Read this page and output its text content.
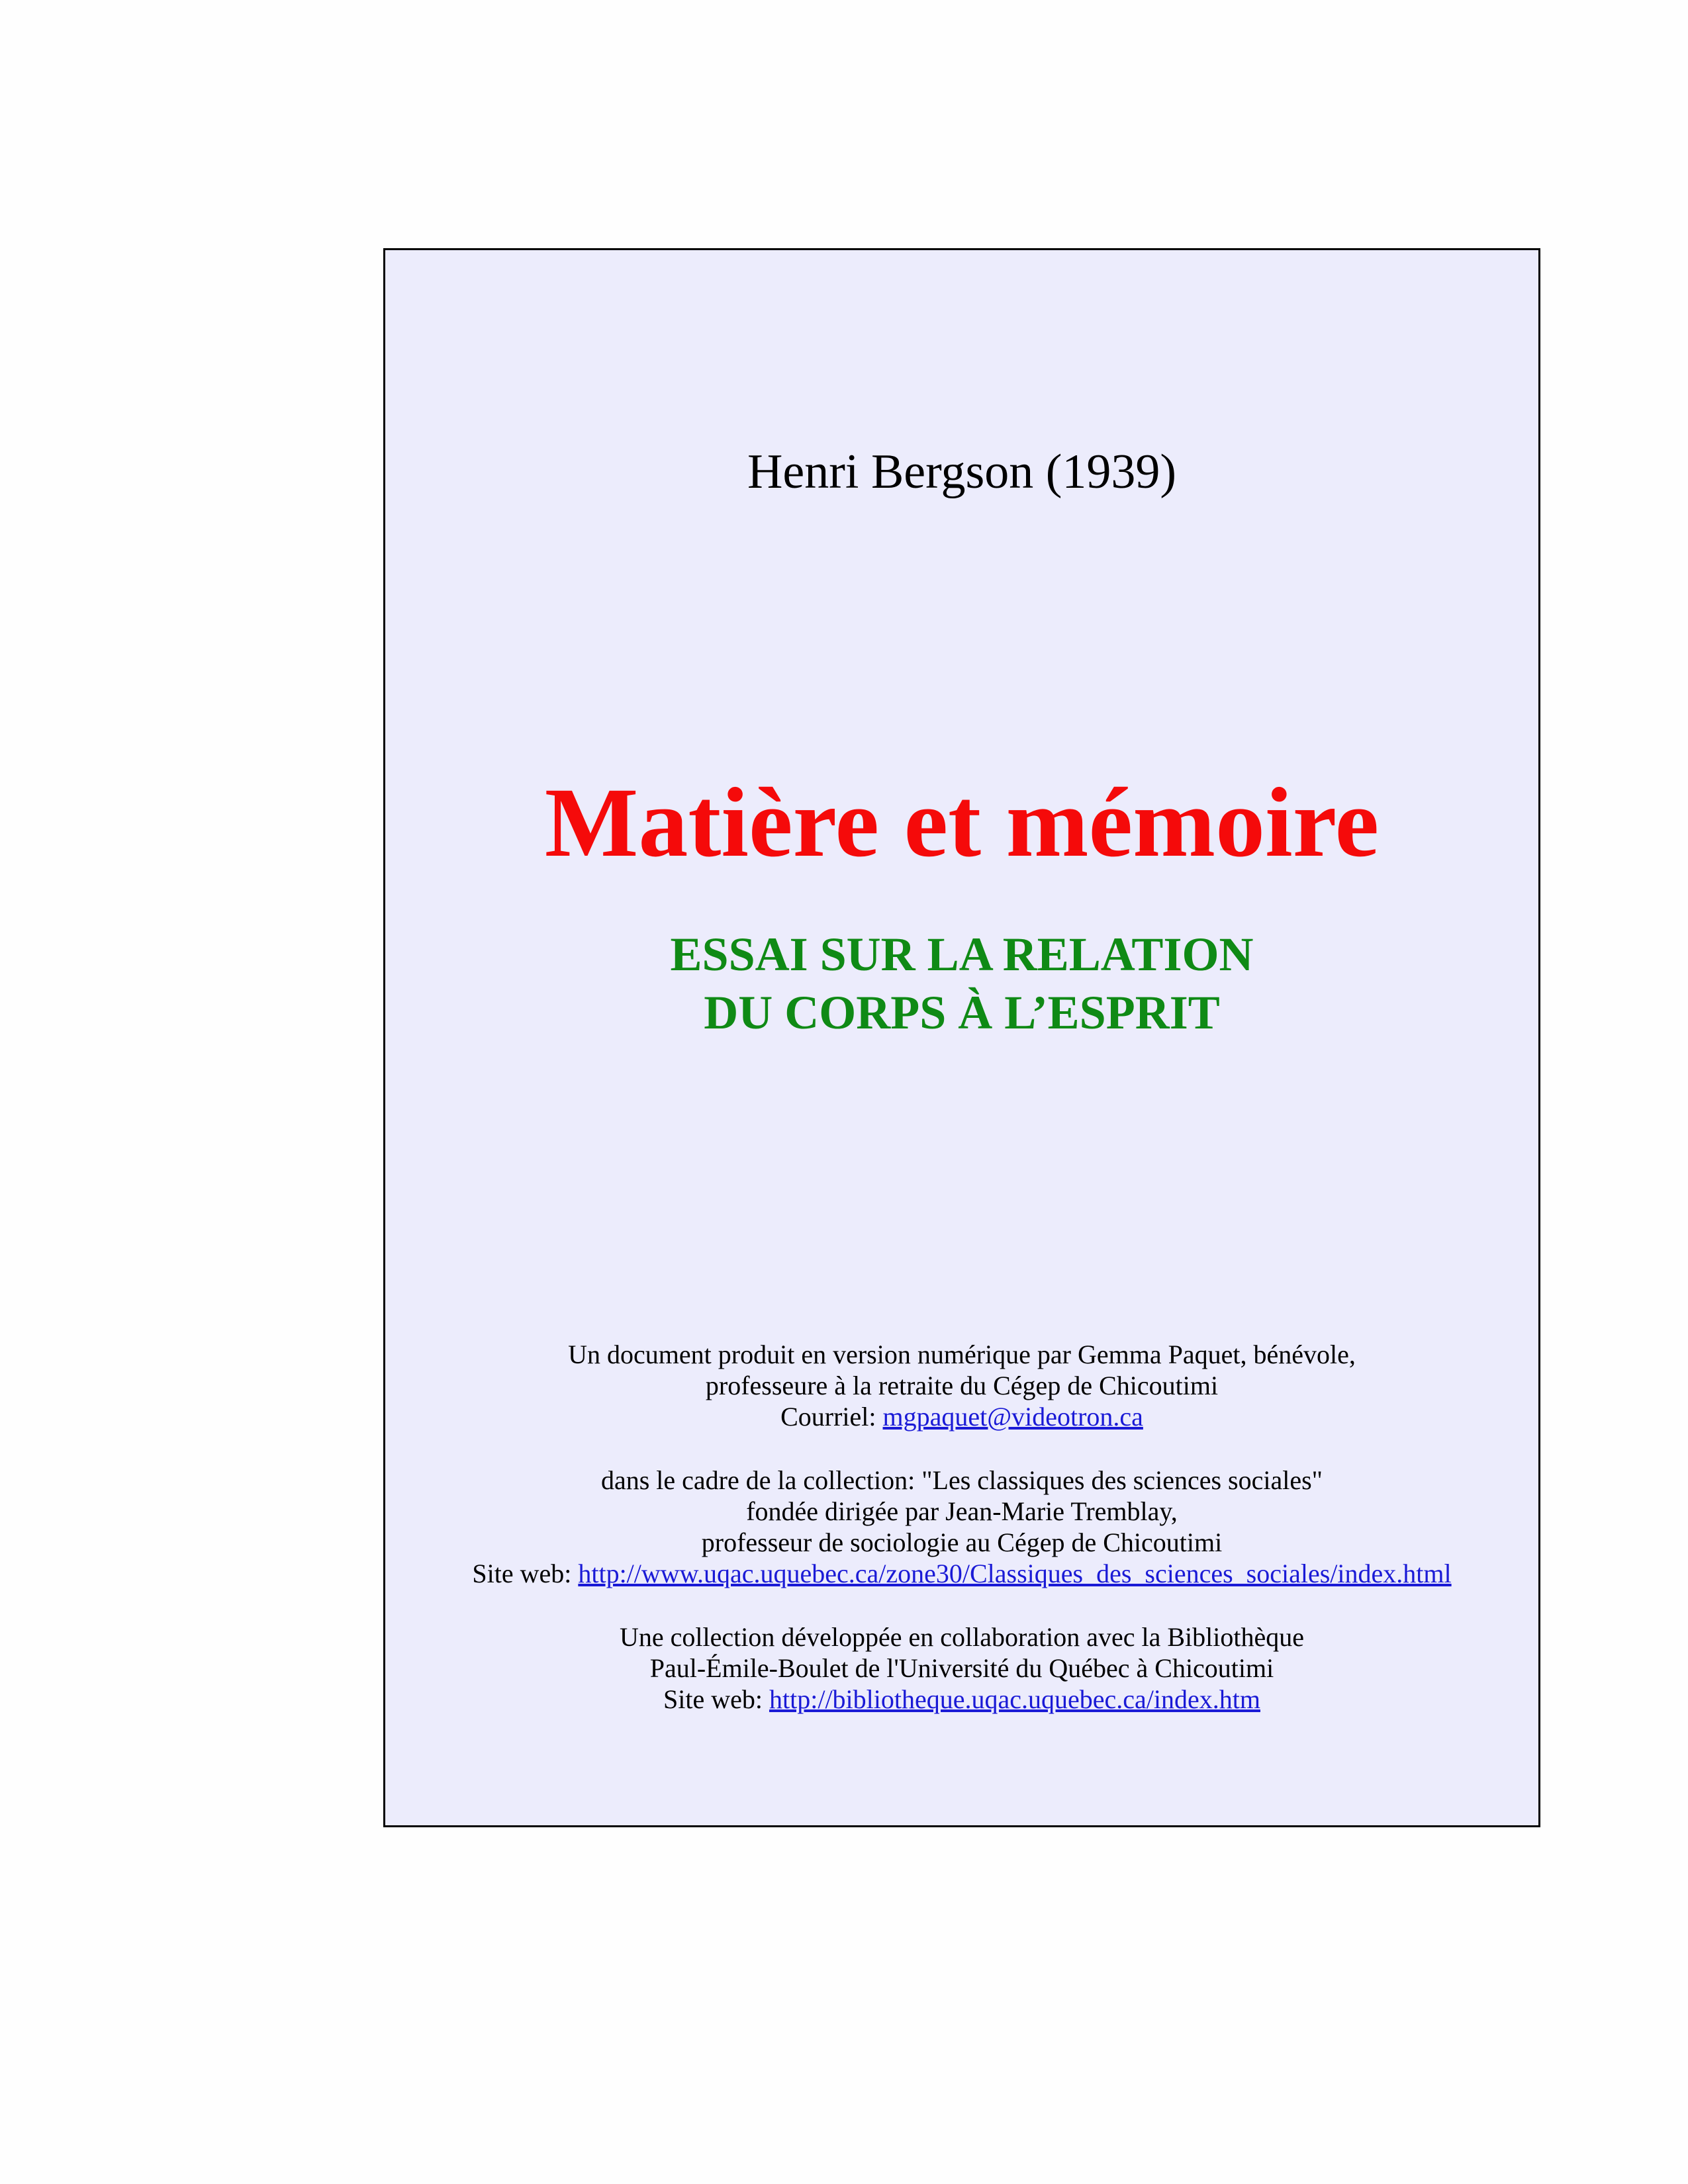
Henri Bergson (1939)
Matière et mémoire
ESSAI SUR LA RELATION
DU CORPS À L’ESPRIT
Un document produit en version numérique par Gemma Paquet, bénévole,
professeure à la retraite du Cégep de Chicoutimi
Courriel: mgpaquet@videotron.ca
dans le cadre de la collection: "Les classiques des sciences sociales"
fondée dirigée par Jean-Marie Tremblay,
professeur de sociologie au Cégep de Chicoutimi
Site web: http://www.uqac.uquebec.ca/zone30/Classiques_des_sciences_sociales/index.html
Une collection développée en collaboration avec la Bibliothèque
Paul-Émile-Boulet de l'Université du Québec à Chicoutimi
Site web: http://bibliotheque.uqac.uquebec.ca/index.htm
